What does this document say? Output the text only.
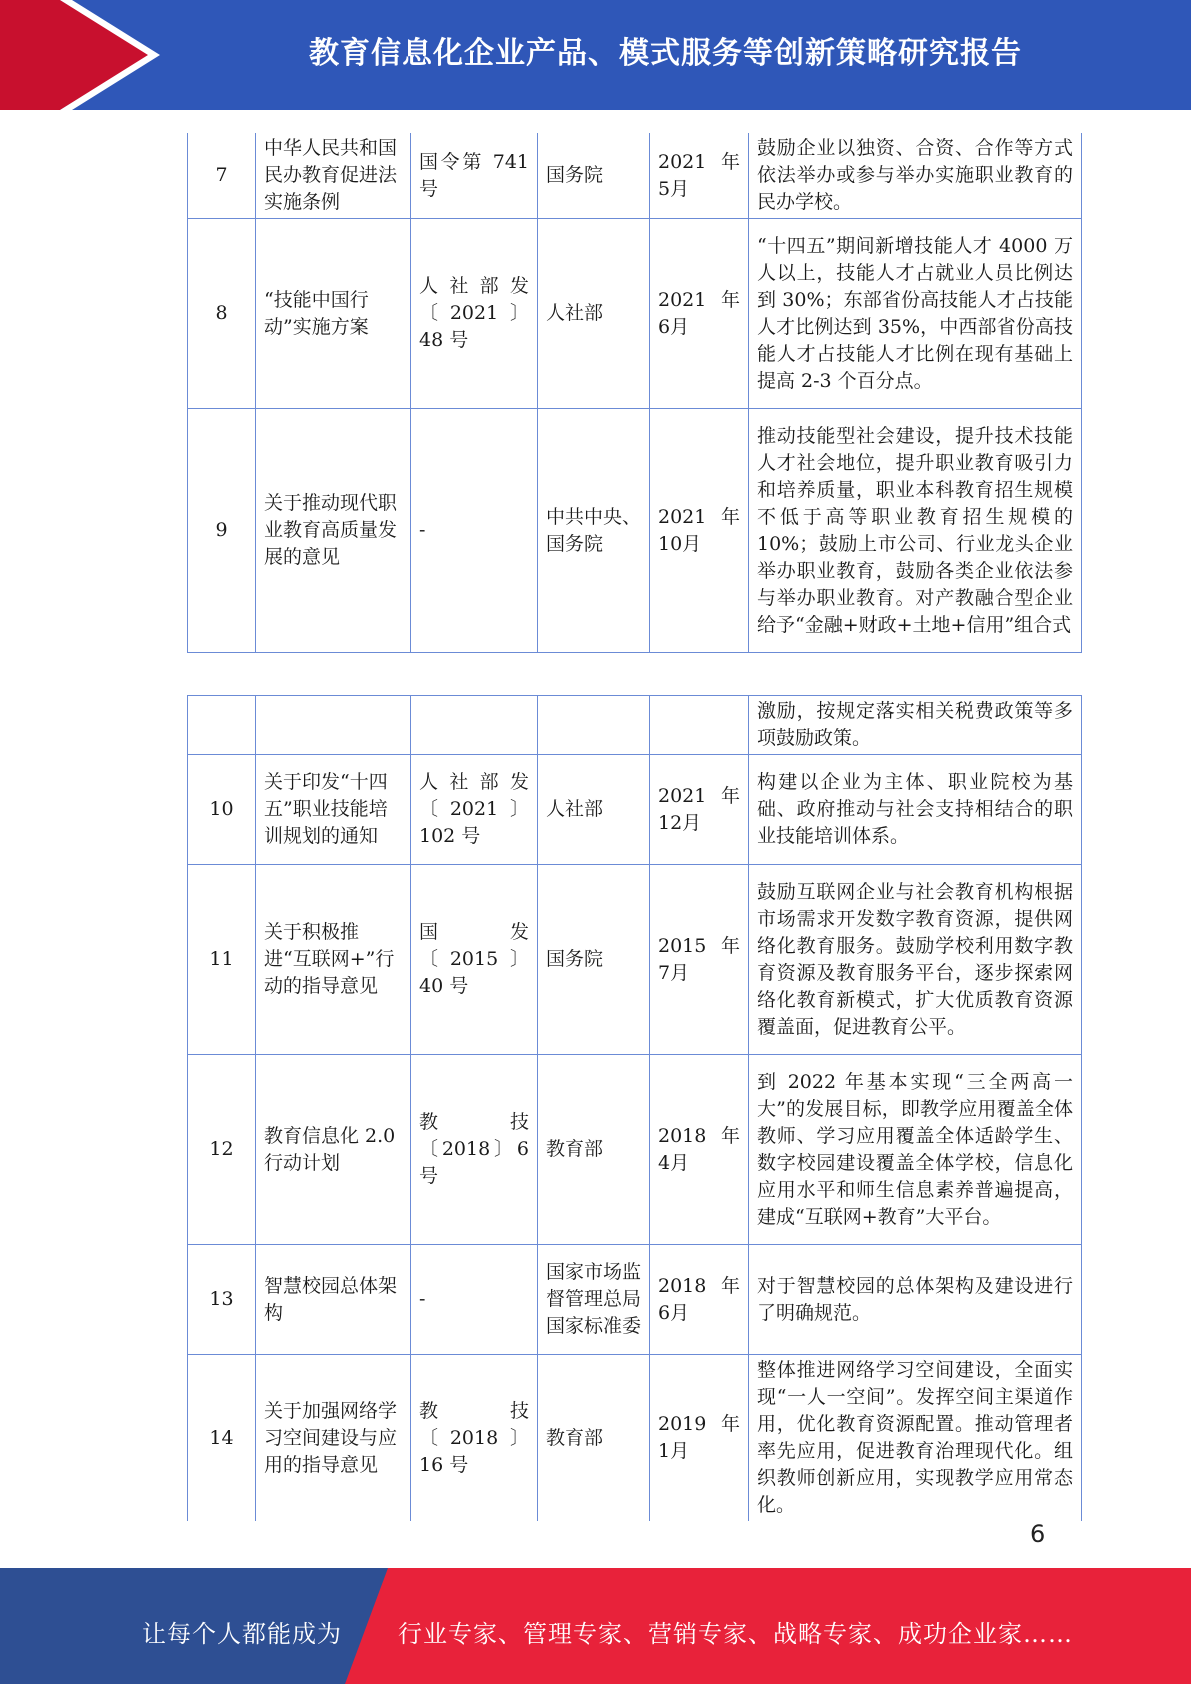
教育信息化企业产品、模式服务等创新策略研究报告
7	中华人民共和国民办教育促进法实施条例	国令第 741 号	国务院	2021 年 5月	鼓励企业以独资、合资、合作等方式依法举办或参与举办实施职业教育的民办学校。
8	“技能中国行动”实施方案	人社部发〔2021〕48 号	人社部	2021 年 6月	“十四五”期间新增技能人才 4000 万人以上，技能人才占就业人员比例达到 30%；东部省份高技能人才占技能人才比例达到 35%，中西部省份高技能人才占技能人才比例在现有基础上提高 2-3 个百分点。
9	关于推动现代职业教育高质量发展的意见	-	中共中央、国务院	2021 年 10月	推动技能型社会建设，提升技术技能人才社会地位，提升职业教育吸引力和培养质量，职业本科教育招生规模不低于高等职业教育招生规模的 10%；鼓励上市公司、行业龙头企业举办职业教育，鼓励各类企业依法参与举办职业教育。对产教融合型企业给予“金融+财政+土地+信用”组合式
					激励，按规定落实相关税费政策等多项鼓励政策。
10	关于印发“十四五”职业技能培训规划的通知	人社部发〔2021〕102 号	人社部	2021 年 12月	构建以企业为主体、职业院校为基础、政府推动与社会支持相结合的职业技能培训体系。
11	关于积极推进“互联网+”行动的指导意见	国发〔2015〕40 号	国务院	2015 年 7月	鼓励互联网企业与社会教育机构根据市场需求开发数字教育资源，提供网络化教育服务。鼓励学校利用数字教育资源及教育服务平台，逐步探索网络化教育新模式，扩大优质教育资源覆盖面，促进教育公平。
12	教育信息化 2.0 行动计划	教技〔2018〕6 号	教育部	2018 年 4月	到 2022 年基本实现“三全两高一大”的发展目标，即教学应用覆盖全体教师、学习应用覆盖全体适龄学生、数字校园建设覆盖全体学校，信息化应用水平和师生信息素养普遍提高，建成“互联网+教育”大平台。
13	智慧校园总体架构	-	国家市场监督管理总局国家标准委	2018 年 6月	对于智慧校园的总体架构及建设进行了明确规范。
14	关于加强网络学习空间建设与应用的指导意见	教技〔2018〕16 号	教育部	2019 年 1月	整体推进网络学习空间建设，全面实现“一人一空间”。发挥空间主渠道作用，优化教育资源配置。推动管理者率先应用，促进教育治理现代化。组织教师创新应用，实现教学应用常态化。
6
让每个人都能成为 行业专家、管理专家、营销专家、战略专家、成功企业家……
